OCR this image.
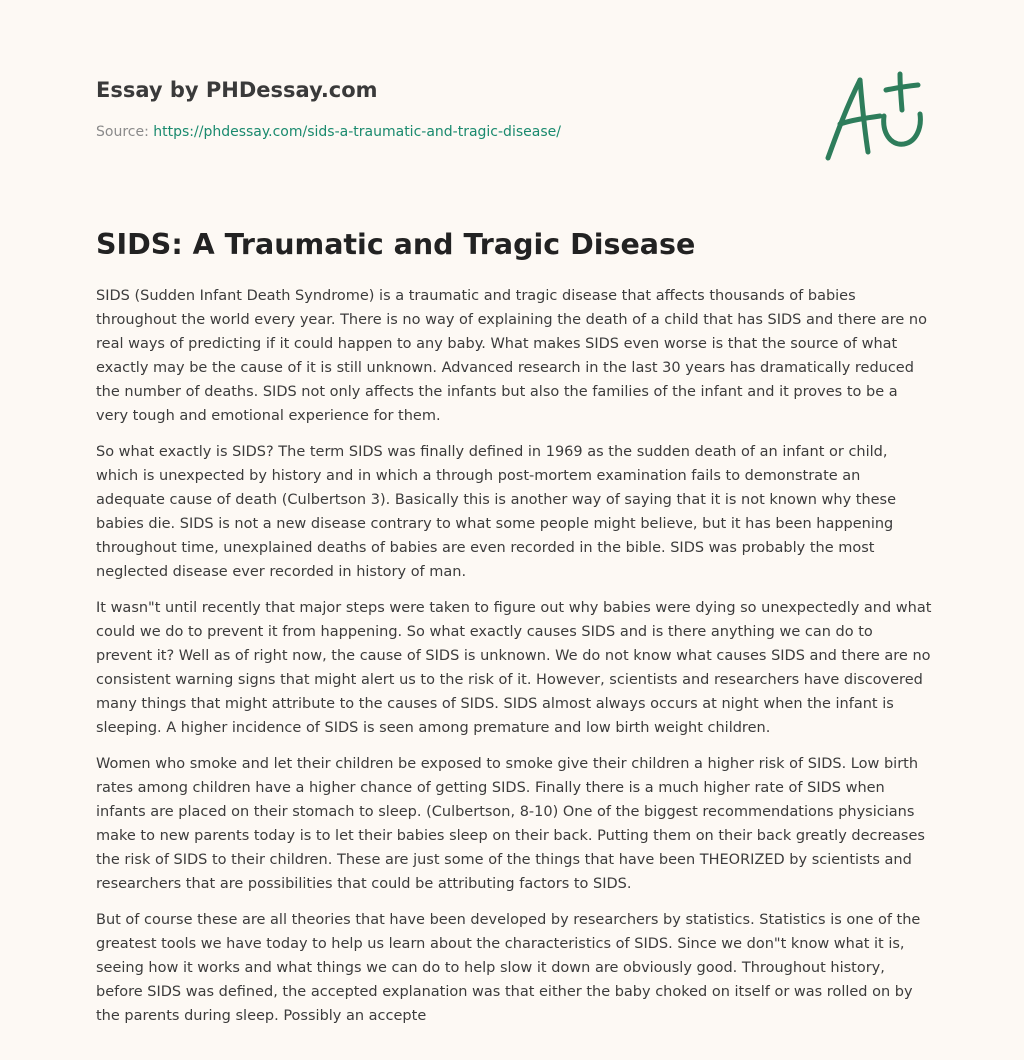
Essay by PHDessay.com
Source: https://phdessay.com/sids-a-traumatic-and-tragic-disease/
SIDS: A Traumatic and Tragic Disease

SIDS (Sudden Infant Death Syndrome) is a traumatic and tragic disease that affects thousands of babies throughout the world every year. There is no way of explaining the death of a child that has SIDS and there are no real ways of predicting if it could happen to any baby. What makes SIDS even worse is that the source of what exactly may be the cause of it is still unknown. Advanced research in the last 30 years has dramatically reduced the number of deaths. SIDS not only affects the infants but also the families of the infant and it proves to be a very tough and emotional experience for them.

So what exactly is SIDS? The term SIDS was finally defined in 1969 as the sudden death of an infant or child, which is unexpected by history and in which a through post-mortem examination fails to demonstrate an adequate cause of death (Culbertson 3). Basically this is another way of saying that it is not known why these babies die. SIDS is not a new disease contrary to what some people might believe, but it has been happening throughout time, unexplained deaths of babies are even recorded in the bible. SIDS was probably the most neglected disease ever recorded in history of man.

It wasn"t until recently that major steps were taken to figure out why babies were dying so unexpectedly and what could we do to prevent it from happening. So what exactly causes SIDS and is there anything we can do to prevent it? Well as of right now, the cause of SIDS is unknown. We do not know what causes SIDS and there are no consistent warning signs that might alert us to the risk of it. However, scientists and researchers have discovered many things that might attribute to the causes of SIDS. SIDS almost always occurs at night when the infant is sleeping. A higher incidence of SIDS is seen among premature and low birth weight children.

Women who smoke and let their children be exposed to smoke give their children a higher risk of SIDS. Low birth rates among children have a higher chance of getting SIDS. Finally there is a much higher rate of SIDS when infants are placed on their stomach to sleep. (Culbertson, 8-10) One of the biggest recommendations physicians make to new parents today is to let their babies sleep on their back. Putting them on their back greatly decreases the risk of SIDS to their children. These are just some of the things that have been THEORIZED by scientists and researchers that are possibilities that could be attributing factors to SIDS.

But of course these are all theories that have been developed by researchers by statistics. Statistics is one of the greatest tools we have today to help us learn about the characteristics of SIDS. Since we don"t know what it is, seeing how it works and what things we can do to help slow it down are obviously good. Throughout history, before SIDS was defined, the accepted explanation was that either the baby choked on itself or was rolled on by the parents during sleep. Possibly an accepte
